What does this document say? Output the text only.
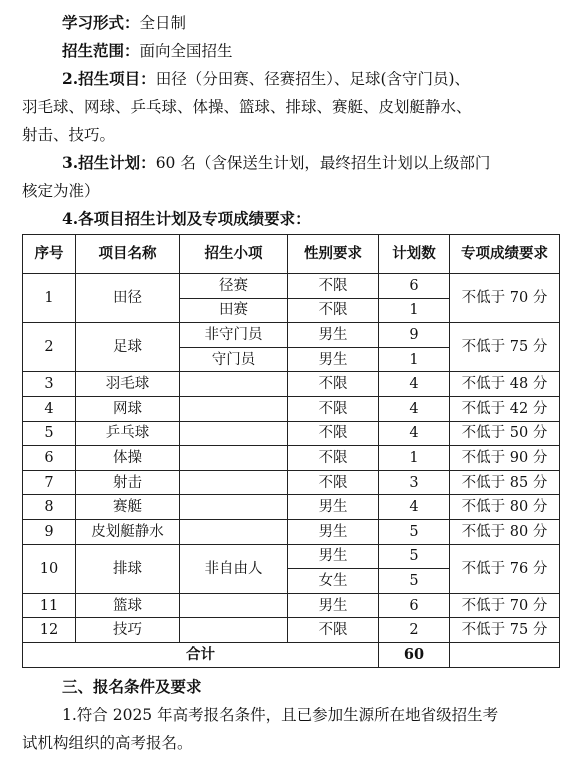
学习形式：全日制
招生范围：面向全国招生
2.招生项目：田径（分田赛、径赛招生）、足球(含守门员)、
羽毛球、网球、乒乓球、体操、篮球、排球、赛艇、皮划艇静水、
射击、技巧。
3.招生计划：60 名（含保送生计划，最终招生计划以上级部门
核定为准）
4.各项目招生计划及专项成绩要求：
序号	项目名称	招生小项	性别要求	计划数	专项成绩要求
1	田径	径赛	不限	6	不低于 70 分
		田赛	不限	1	
2	足球	非守门员	男生	9	不低于 75 分
		守门员	男生	1	
3	羽毛球		不限	4	不低于 48 分
4	网球		不限	4	不低于 42 分
5	乒乓球		不限	4	不低于 50 分
6	体操		不限	1	不低于 90 分
7	射击		不限	3	不低于 85 分
8	赛艇		男生	4	不低于 80 分
9	皮划艇静水		男生	5	不低于 80 分
10	排球	非自由人	男生	5	不低于 76 分
			女生	5	
11	篮球		男生	6	不低于 70 分
12	技巧		不限	2	不低于 75 分
合计				60	
三、报名条件及要求
1.符合 2025 年高考报名条件，且已参加生源所在地省级招生考
试机构组织的高考报名。
